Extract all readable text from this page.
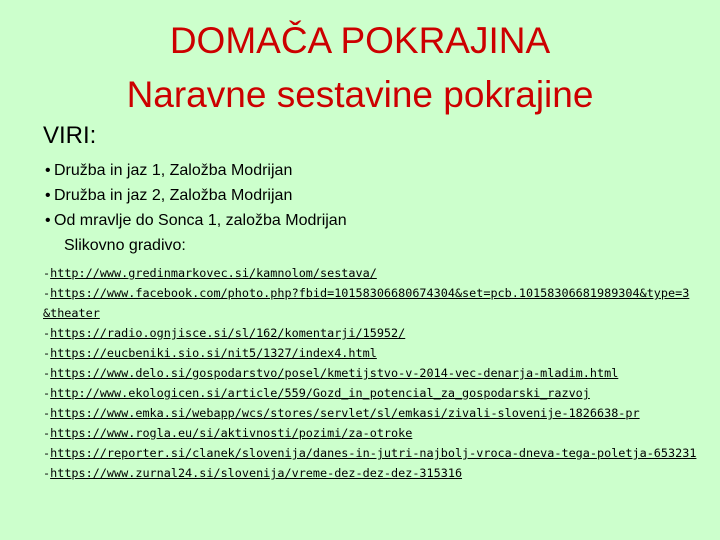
DOMAČA POKRAJINA
Naravne sestavine pokrajine

VIRI:

• Družba in jaz 1, Založba Modrijan
• Družba in jaz 2, Založba Modrijan
• Od mravlje do Sonca 1, založba Modrijan
Slikovno gradivo:
-http://www.gredinmarkovec.si/kamnolom/sestava/
-https://www.facebook.com/photo.php?fbid=10158306680674304&set=pcb.10158306681989304&type=3&theater
-https://radio.ognjisce.si/sl/162/komentarji/15952/
-https://eucbeniki.sio.si/nit5/1327/index4.html
-https://www.delo.si/gospodarstvo/posel/kmetijstvo-v-2014-vec-denarja-mladim.html
-http://www.ekologicen.si/article/559/Gozd_in_potencial_za_gospodarski_razvoj
-https://www.emka.si/webapp/wcs/stores/servlet/sl/emkasi/zivali-slovenije-1826638-pr
-https://www.rogla.eu/si/aktivnosti/pozimi/za-otroke
-https://reporter.si/clanek/slovenija/danes-in-jutri-najbolj-vroca-dneva-tega-poletja-653231
-https://www.zurnal24.si/slovenija/vreme-dez-dez-dez-315316
